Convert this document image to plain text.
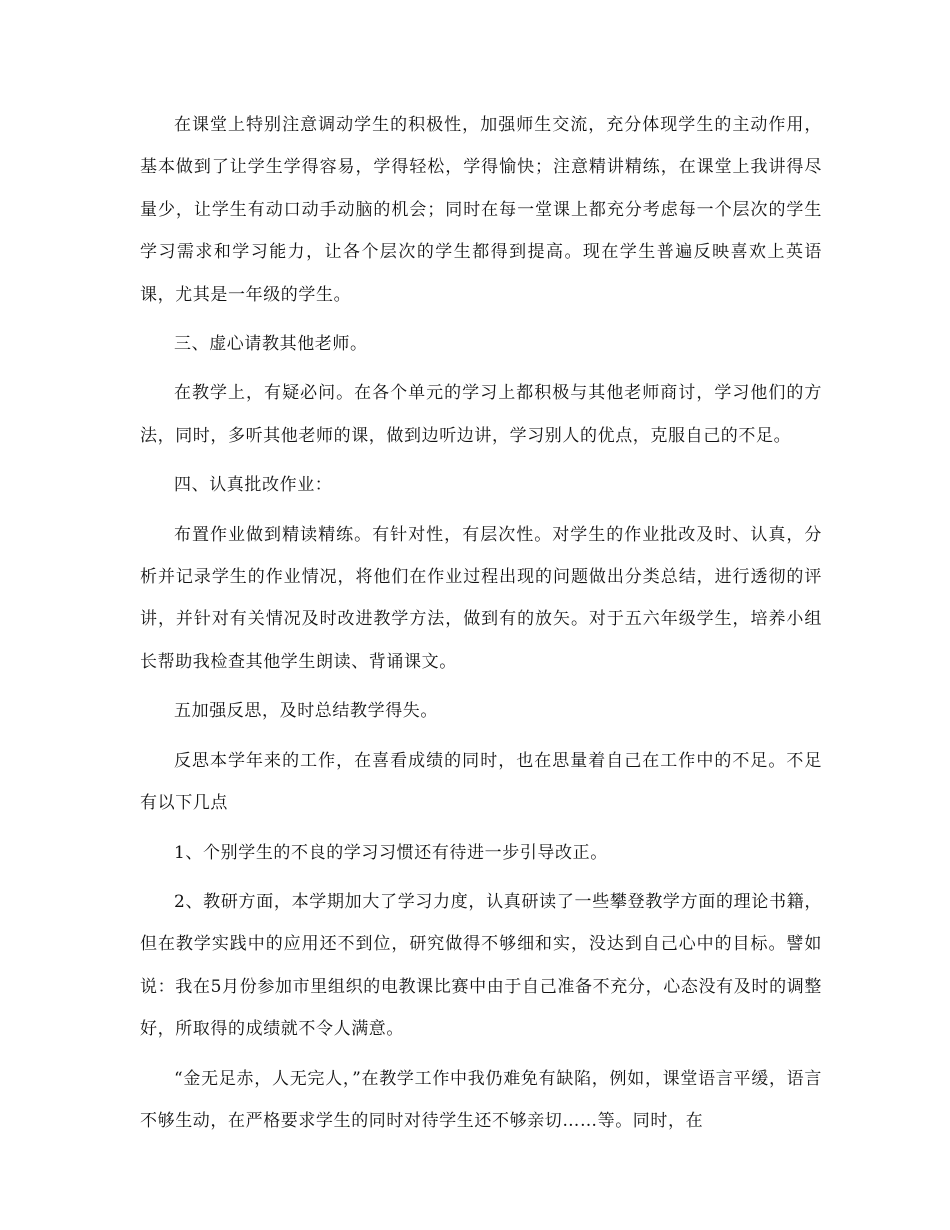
在课堂上特别注意调动学生的积极性，加强师生交流，充分体现学生的主动作用，基本做到了让学生学得容易，学得轻松，学得愉快；注意精讲精练，在课堂上我讲得尽量少，让学生有动口动手动脑的机会；同时在每一堂课上都充分考虑每一个层次的学生学习需求和学习能力，让各个层次的学生都得到提高。现在学生普遍反映喜欢上英语课，尤其是一年级的学生。

三、虚心请教其他老师。

在教学上，有疑必问。在各个单元的学习上都积极与其他老师商讨，学习他们的方法，同时，多听其他老师的课，做到边听边讲，学习别人的优点，克服自己的不足。

四、认真批改作业：

布置作业做到精读精练。有针对性，有层次性。对学生的作业批改及时、认真，分析并记录学生的作业情况，将他们在作业过程出现的问题做出分类总结，进行透彻的评讲，并针对有关情况及时改进教学方法，做到有的放矢。对于五六年级学生，培养小组长帮助我检查其他学生朗读、背诵课文。

五加强反思，及时总结教学得失。

反思本学年来的工作，在喜看成绩的同时，也在思量着自己在工作中的不足。不足有以下几点

1、个别学生的不良的学习习惯还有待进一步引导改正。

2、教研方面，本学期加大了学习力度，认真研读了一些攀登教学方面的理论书籍，但在教学实践中的应用还不到位，研究做得不够细和实，没达到自己心中的目标。譬如说：我在5月份参加市里组织的电教课比赛中由于自己准备不充分，心态没有及时的调整好，所取得的成绩就不令人满意。

“金无足赤，人无完人，”在教学工作中我仍难免有缺陷，例如，课堂语言平缓，语言不够生动，在严格要求学生的同时对待学生还不够亲切……等。同时，在
